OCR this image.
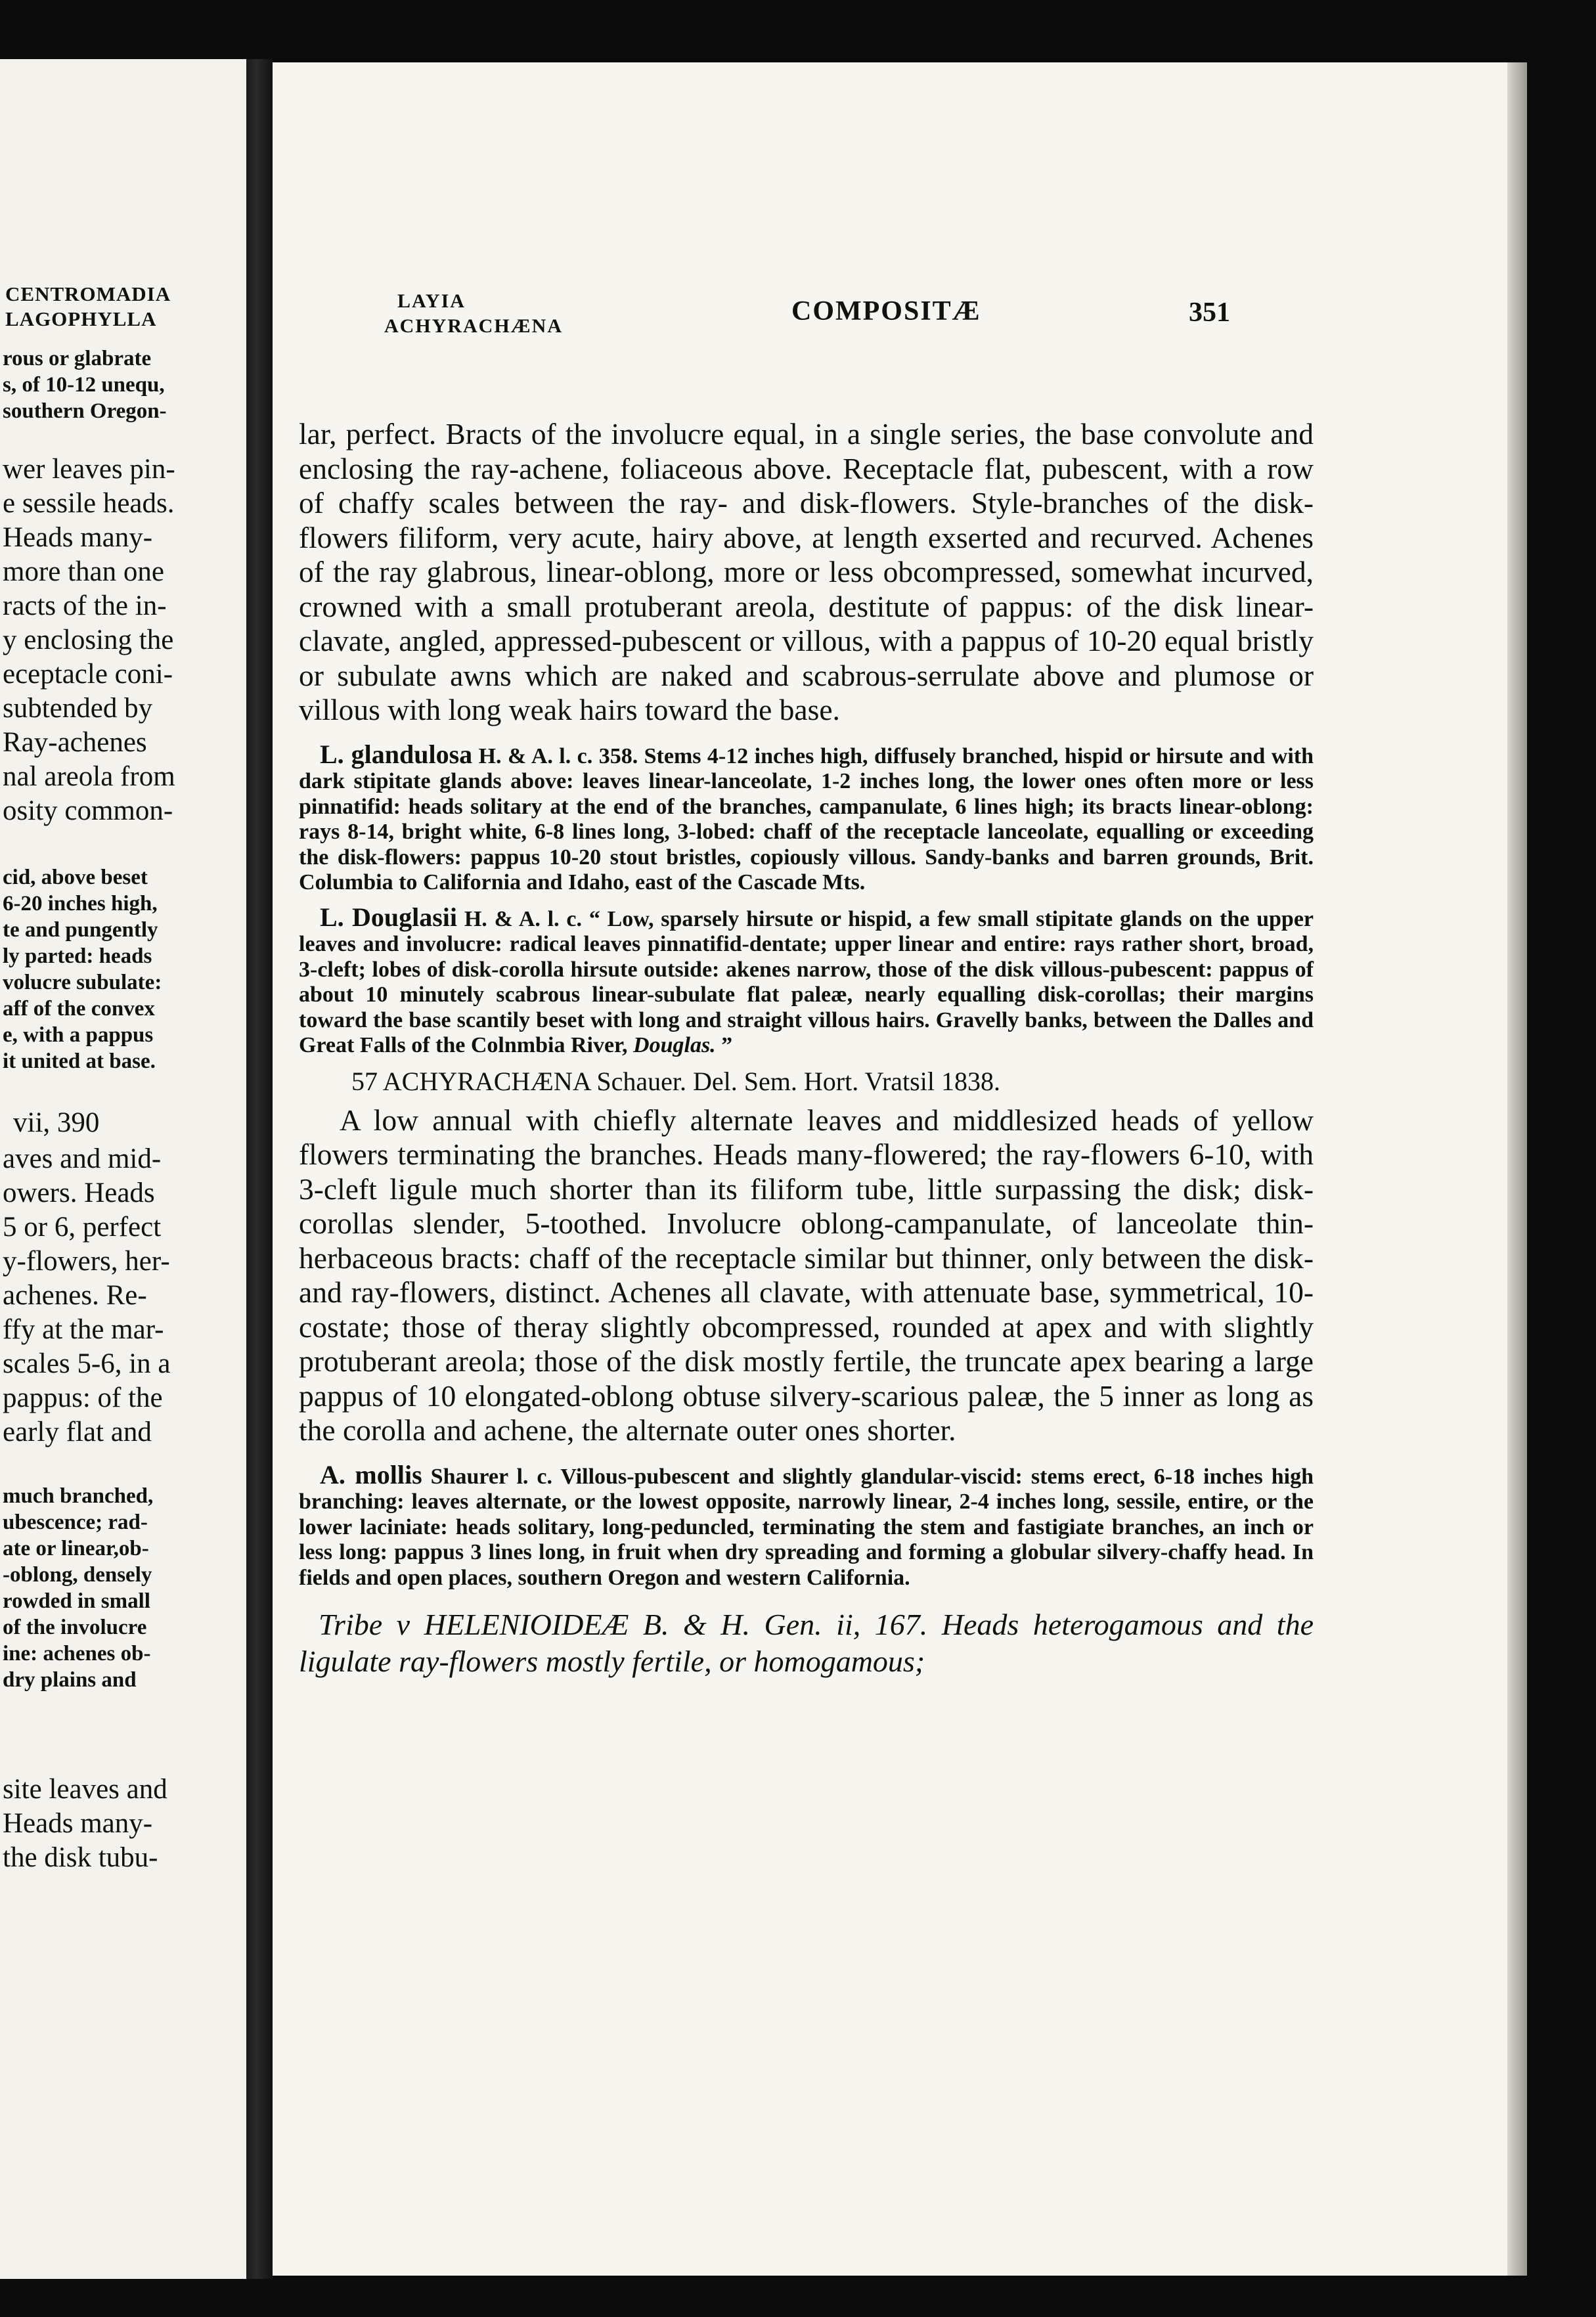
CENTROMADIA
LAGOPHYLLA
rous or glabrate
s, of 10-12 unequ,
southern Oregon-
wer leaves pin-
e sessile heads.
Heads many-
more than one
racts of the in-
y enclosing the
eceptacle coni-
subtended by
Ray-achenes
nal areola from
osity common-
cid, above beset
6-20 inches high,
te and pungently
ly parted: heads
volucre subulate:
aff of the convex
e, with a pappus
it united at base.
vii, 390
aves and mid-
owers. Heads
5 or 6, perfect
y-flowers, her-
achenes. Re-
ffy at the mar-
scales 5-6, in a
pappus: of the
early flat and
much branched,
ubescence; rad-
ate or linear,ob-
-oblong, densely
rowded in small
of the involucre
ine: achenes ob-
dry plains and
site leaves and
Heads many-
the disk tubu-
LAYIA
ACHYRACHÆNA	COMPOSITÆ	351

lar, perfect. Bracts of the involucre equal, in a single series, the base convolute and enclosing the ray-achene, foliaceous above. Receptacle flat, pubescent, with a row of chaffy scales between the ray- and disk-flowers. Style-branches of the disk-flowers filiform, very acute, hairy above, at length exserted and recurved. Achenes of the ray glabrous, linear-oblong, more or less obcompressed, somewhat incurved, crowned with a small protuberant areola, destitute of pappus: of the disk linear-clavate, angled, appressed-pubescent or villous, with a pappus of 10-20 equal bristly or subulate awns which are naked and scabrous-serrulate above and plumose or villous with long weak hairs toward the base.

L. glandulosa H. & A. l. c. 358. Stems 4-12 inches high, diffusely branched, hispid or hirsute and with dark stipitate glands above: leaves linear-lanceolate, 1-2 inches long, the lower ones often more or less pinnatifid: heads solitary at the end of the branches, campanulate, 6 lines high; its bracts linear-oblong: rays 8-14, bright white, 6-8 lines long, 3-lobed: chaff of the receptacle lanceolate, equalling or exceeding the disk-flowers: pappus 10-20 stout bristles, copiously villous. Sandy-banks and barren grounds, Brit. Columbia to California and Idaho, east of the Cascade Mts.

L. Douglasii H. & A. l. c. “ Low, sparsely hirsute or hispid, a few small stipitate glands on the upper leaves and involucre: radical leaves pinnatifid-dentate; upper linear and entire: rays rather short, broad, 3-cleft; lobes of disk-corolla hirsute outside: akenes narrow, those of the disk villous-pubescent: pappus of about 10 minutely scabrous linear-subulate flat paleæ, nearly equalling disk-corollas; their margins toward the base scantily beset with long and straight villous hairs. Gravelly banks, between the Dalles and Great Falls of the Colnmbia River, Douglas. ”

57 ACHYRACHÆNA Schauer. Del. Sem. Hort. Vratsil 1838.

A low annual with chiefly alternate leaves and middlesized heads of yellow flowers terminating the branches. Heads many-flowered; the ray-flowers 6-10, with 3-cleft ligule much shorter than its filiform tube, little surpassing the disk; disk-corollas slender, 5-toothed. Involucre oblong-campanulate, of lanceolate thin-herbaceous bracts: chaff of the receptacle similar but thinner, only between the disk- and ray-flowers, distinct. Achenes all clavate, with attenuate base, symmetrical, 10-costate; those of theray slightly obcompressed, rounded at apex and with slightly protuberant areola; those of the disk mostly fertile, the truncate apex bearing a large pappus of 10 elongated-oblong obtuse silvery-scarious paleæ, the 5 inner as long as the corolla and achene, the alternate outer ones shorter.

A. mollis Shaurer l. c. Villous-pubescent and slightly glandular-viscid: stems erect, 6-18 inches high branching: leaves alternate, or the lowest opposite, narrowly linear, 2-4 inches long, sessile, entire, or the lower laciniate: heads solitary, long-peduncled, terminating the stem and fastigiate branches, an inch or less long: pappus 3 lines long, in fruit when dry spreading and forming a globular silvery-chaffy head. In fields and open places, southern Oregon and western California.

Tribe v HELENIOIDEÆ B. & H. Gen. ii, 167. Heads heterogamous and the ligulate ray-flowers mostly fertile, or homogamous;
